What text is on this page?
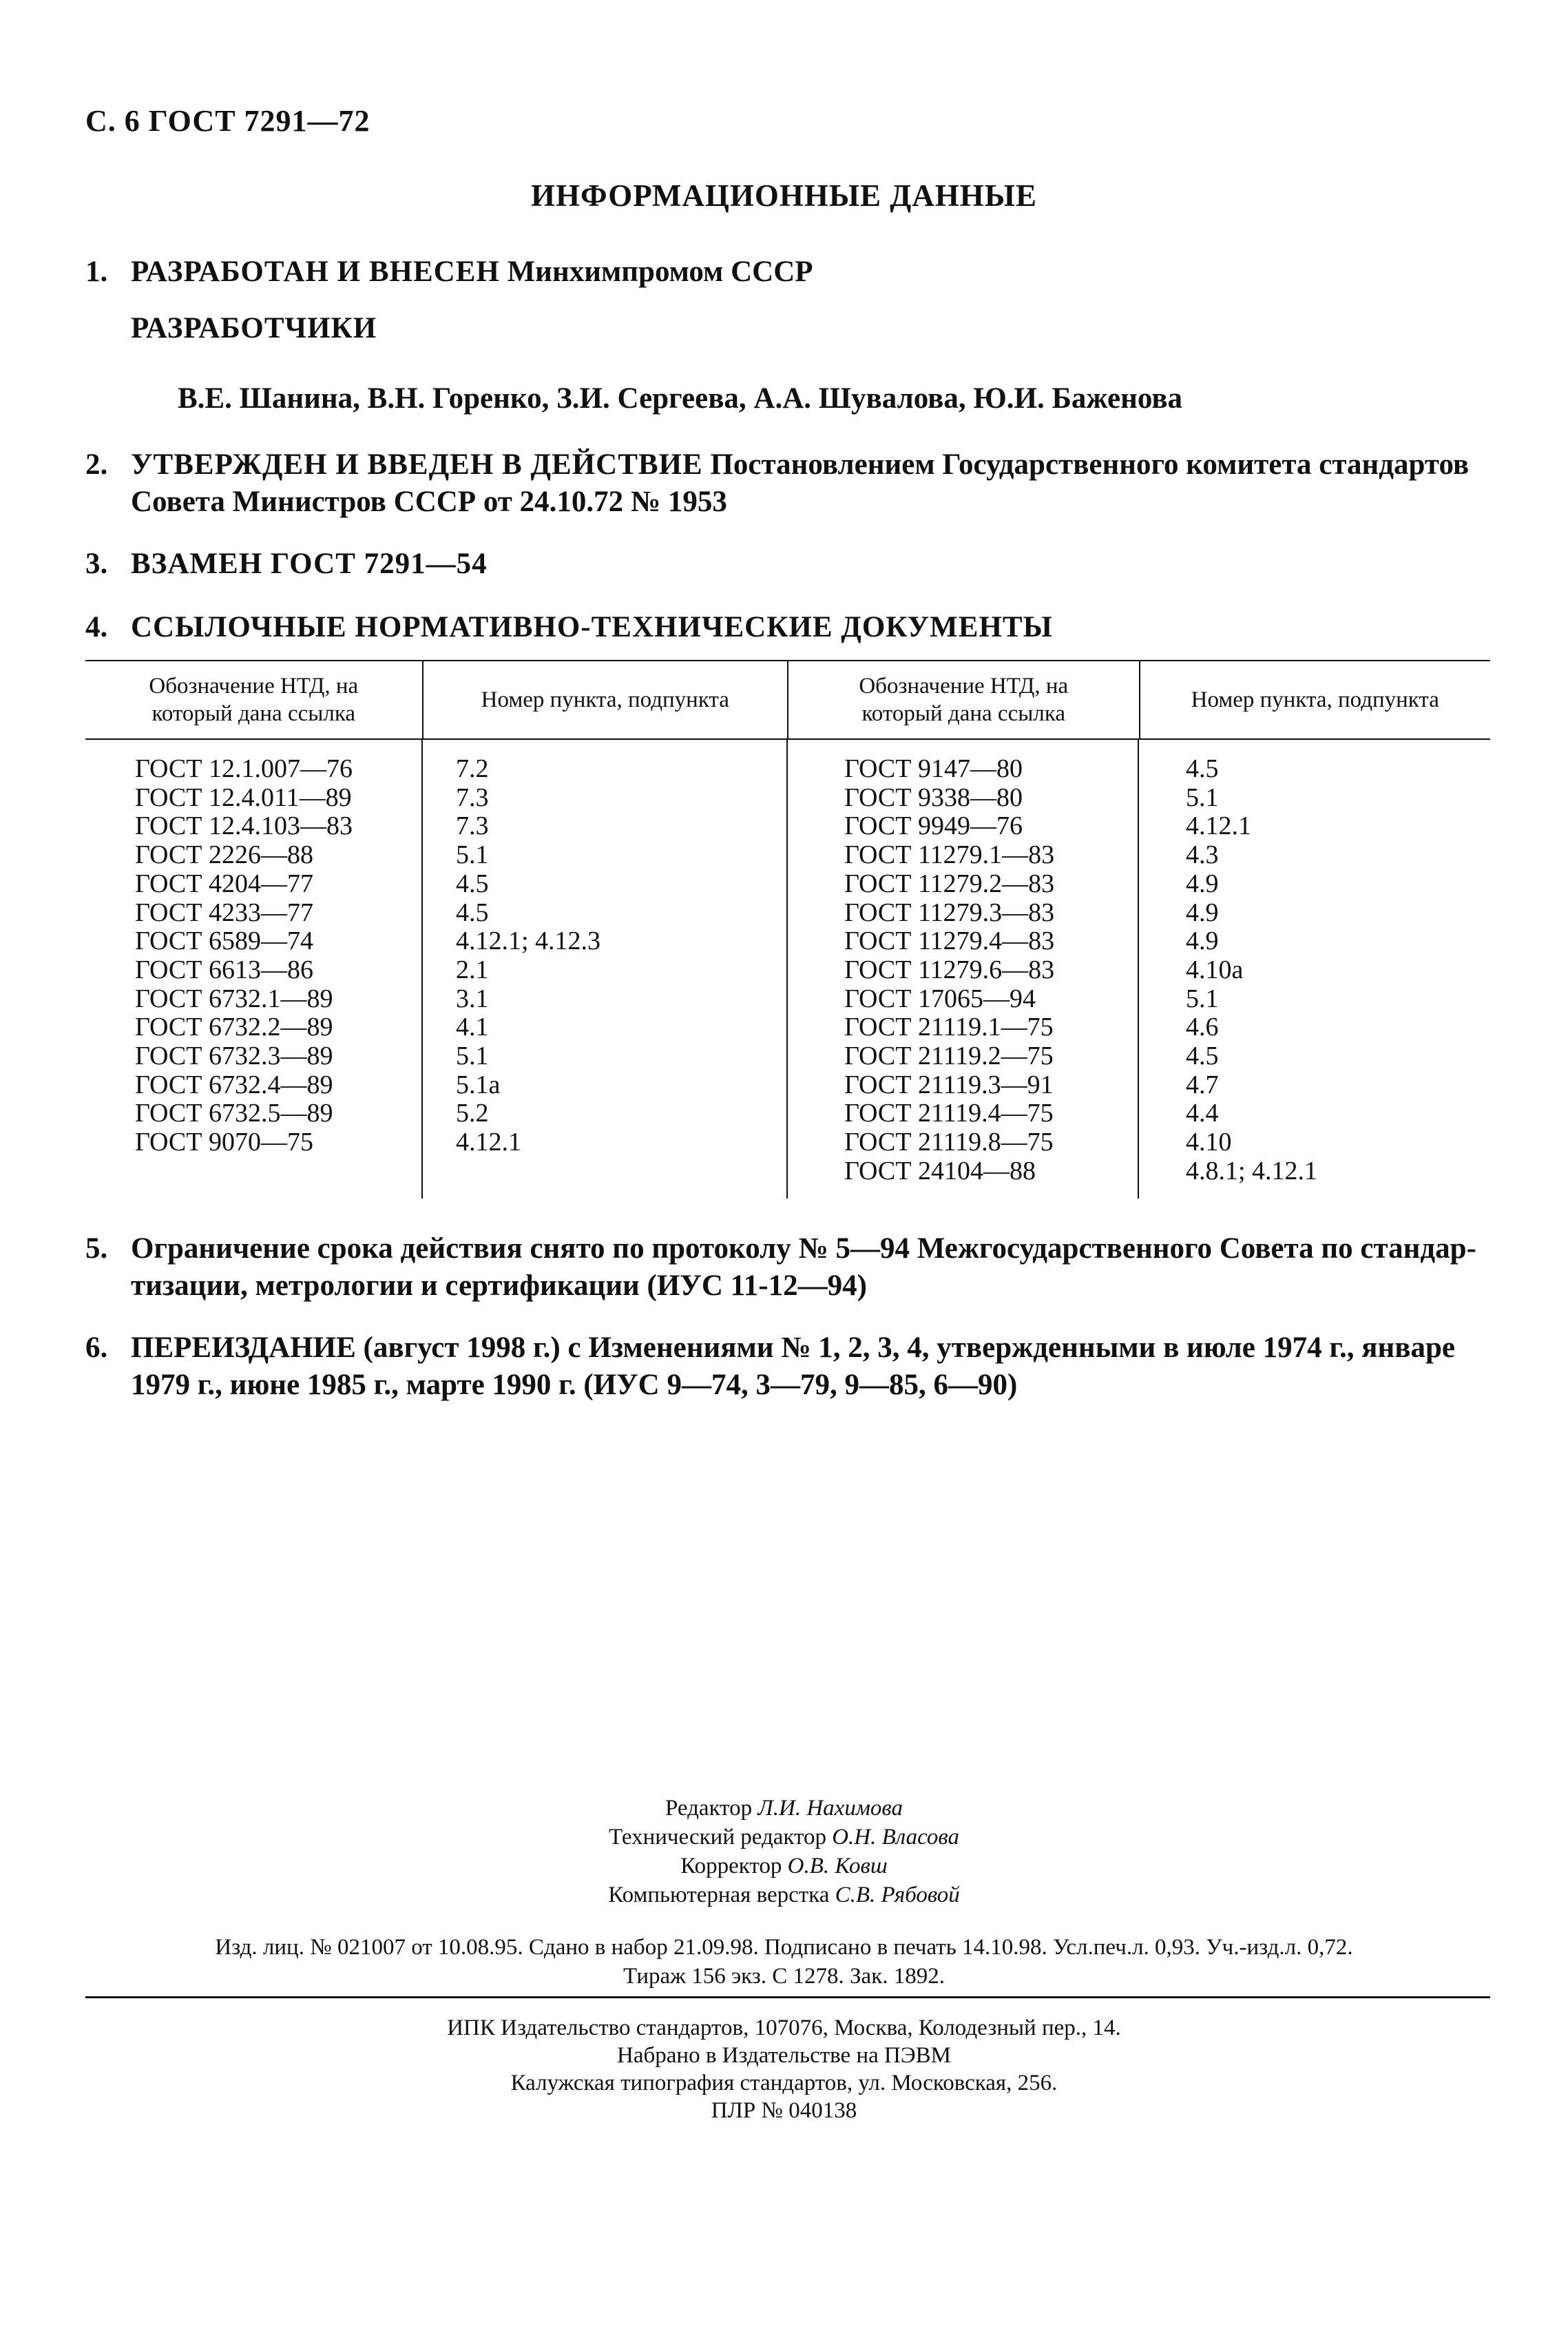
С. 6 ГОСТ 7291—72
ИНФОРМАЦИОННЫЕ ДАННЫЕ
1. РАЗРАБОТАН И ВНЕСЕН Минхимпромом СССР
РАЗРАБОТЧИКИ
В.Е. Шанина, В.Н. Горенко, З.И. Сергеева, А.А. Шувалова, Ю.И. Баженова
2. УТВЕРЖДЕН И ВВЕДЕН В ДЕЙСТВИЕ Постановлением Государственного комитета стандартов
Совета Министров СССР от 24.10.72 № 1953
3. ВЗАМЕН ГОСТ 7291—54
4. ССЫЛОЧНЫЕ НОРМАТИВНО-ТЕХНИЧЕСКИЕ ДОКУМЕНТЫ
Обозначение НТД, на
который дана ссылка
Номер пункта, подпункта
Обозначение НТД, на
который дана ссылка
Номер пункта, подпункта
ГОСТ 12.1.007—76
ГОСТ 12.4.011—89
ГОСТ 12.4.103—83
ГОСТ 2226—88
ГОСТ 4204—77
ГОСТ 4233—77
ГОСТ 6589—74
ГОСТ 6613—86
ГОСТ 6732.1—89
ГОСТ 6732.2—89
ГОСТ 6732.3—89
ГОСТ 6732.4—89
ГОСТ 6732.5—89
ГОСТ 9070—75
7.2
7.3
7.3
5.1
4.5
4.5
4.12.1; 4.12.3
2.1
3.1
4.1
5.1
5.1а
5.2
4.12.1
ГОСТ 9147—80
ГОСТ 9338—80
ГОСТ 9949—76
ГОСТ 11279.1—83
ГОСТ 11279.2—83
ГОСТ 11279.3—83
ГОСТ 11279.4—83
ГОСТ 11279.6—83
ГОСТ 17065—94
ГОСТ 21119.1—75
ГОСТ 21119.2—75
ГОСТ 21119.3—91
ГОСТ 21119.4—75
ГОСТ 21119.8—75
ГОСТ 24104—88
4.5
5.1
4.12.1
4.3
4.9
4.9
4.9
4.10а
5.1
4.6
4.5
4.7
4.4
4.10
4.8.1; 4.12.1
5. Ограничение срока действия снято по протоколу № 5—94 Межгосударственного Совета по стандар-
тизации, метрологии и сертификации (ИУС 11-12—94)
6. ПЕРЕИЗДАНИЕ (август 1998 г.) с Изменениями № 1, 2, 3, 4, утвержденными в июле 1974 г., январе
1979 г., июне 1985 г., марте 1990 г. (ИУС 9—74, 3—79, 9—85, 6—90)
Редактор Л.И. Нахимова
Технический редактор О.Н. Власова
Корректор О.В. Ковш
Компьютерная верстка С.В. Рябовой
Изд. лиц. № 021007 от 10.08.95. Сдано в набор 21.09.98. Подписано в печать 14.10.98. Усл.печ.л. 0,93. Уч.-изд.л. 0,72.
Тираж 156 экз. С 1278. Зак. 1892.
ИПК Издательство стандартов, 107076, Москва, Колодезный пер., 14.
Набрано в Издательстве на ПЭВМ
Калужская типография стандартов, ул. Московская, 256.
ПЛР № 040138
